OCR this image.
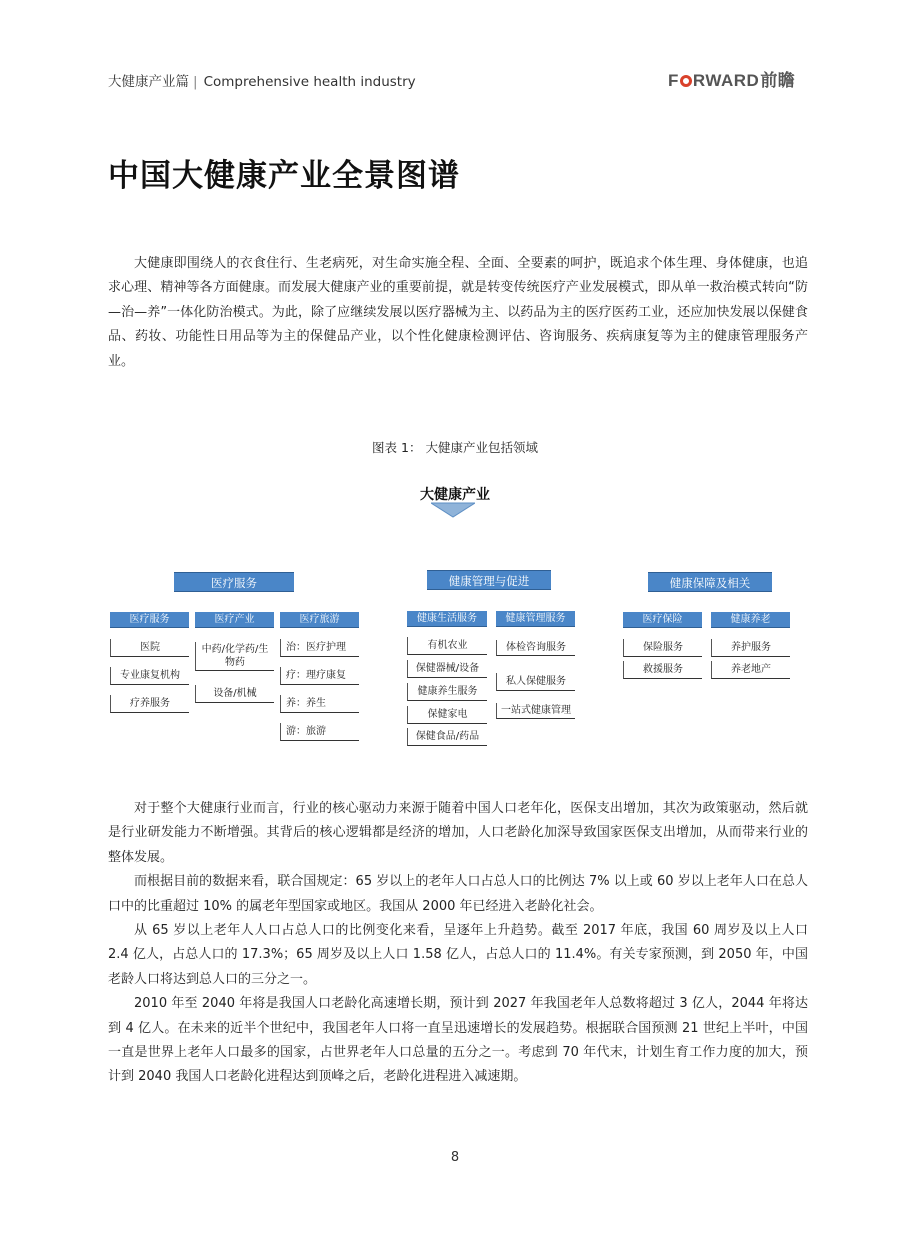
大健康产业篇 | Comprehensive health industry	F RWARD前瞻
中国大健康产业全景图谱

大健康即围绕人的衣食住行、生老病死，对生命实施全程、全面、全要素的呵护，既追求个体生理、身体健康，也追求心理、精神等各方面健康。而发展大健康产业的重要前提，就是转变传统医疗产业发展模式，即从单一救治模式转向“防—治—养”一体化防治模式。为此，除了应继续发展以医疗器械为主、以药品为主的医疗医药工业，还应加快发展以保健食品、药妆、功能性日用品等为主的保健品产业，以个性化健康检测评估、咨询服务、疾病康复等为主的健康管理服务产业。

图表 1： 大健康产业包括领域
大健康产业
医疗服务
医疗服务	医疗产业	医疗旅游
医院
专业康复机构
疗养服务
中药/化学药/生物药
设备/机械
治：医疗护理
疗：理疗康复
养：养生
游：旅游
健康管理与促进
健康生活服务	健康管理服务
有机农业
保健器械/设备
健康养生服务
保健家电
保健食品/药品
体检咨询服务
私人保健服务
一站式健康管理
健康保障及相关
医疗保险	健康养老
保险服务
救援服务
养护服务
养老地产

对于整个大健康行业而言，行业的核心驱动力来源于随着中国人口老年化，医保支出增加，其次为政策驱动，然后就是行业研发能力不断增强。其背后的核心逻辑都是经济的增加，人口老龄化加深导致国家医保支出增加，从而带来行业的整体发展。

而根据目前的数据来看，联合国规定：65 岁以上的老年人口占总人口的比例达 7% 以上或 60 岁以上老年人口在总人口中的比重超过 10% 的属老年型国家或地区。我国从 2000 年已经进入老龄化社会。

从 65 岁以上老年人人口占总人口的比例变化来看，呈逐年上升趋势。截至 2017 年底，我国 60 周岁及以上人口 2.4 亿人，占总人口的 17.3%；65 周岁及以上人口 1.58 亿人，占总人口的 11.4%。有关专家预测，到 2050 年，中国老龄人口将达到总人口的三分之一。

2010 年至 2040 年将是我国人口老龄化高速增长期，预计到 2027 年我国老年人总数将超过 3 亿人，2044 年将达到 4 亿人。在未来的近半个世纪中，我国老年人口将一直呈迅速增长的发展趋势。根据联合国预测 21 世纪上半叶，中国一直是世界上老年人口最多的国家，占世界老年人口总量的五分之一。考虑到 70 年代末，计划生育工作力度的加大，预计到 2040 我国人口老龄化进程达到顶峰之后，老龄化进程进入减速期。

8
